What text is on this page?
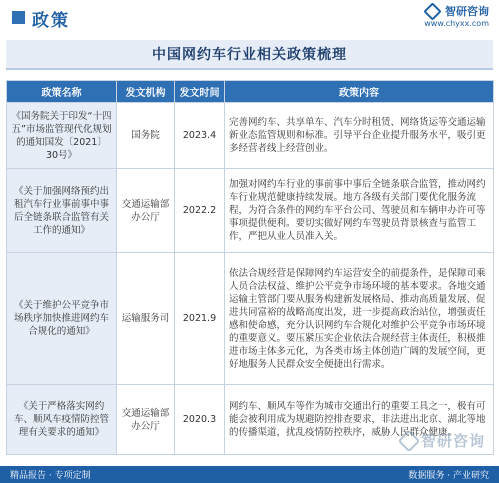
政策	智研咨询
www.chyxx.com
中国网约车行业相关政策梳理
政策名称	发文机构	发文时间	政策内容
《国务院关于印发“十四五”市场监管现代化规划的通知国发〔2021〕30号》	国务院	2023.4	完善网约车、共享单车、汽车分时租赁、网络货运等交通运输新业态监管规则和标准。引导平台企业提升服务水平，吸引更多经营者线上经营创业。
《关于加强网络预约出租汽车行业事前事中事后全链条联合监管有关工作的通知》	交通运输部办公厅	2022.2	加强对网约车行业的事前事中事后全链条联合监管，推动网约车行业规范健康持续发展。地方各级有关部门要优化服务流程，为符合条件的网约车平台公司、驾驶员和车辆申办许可等事项提供便利。要切实做好网约车驾驶员背景核查与监管工作，严把从业人员准入关。
《关于维护公平竞争市场秩序加快推进网约车合规化的通知》	运输服务司	2021.9	依法合规经营是保障网约车运营安全的前提条件，是保障司乘人员合法权益、维护公平竞争市场环境的基本要求。各地交通运输主管部门要从服务构建新发展格局、推动高质量发展、促进共同富裕的战略高度出发，进一步提高政治站位，增强责任感和使命感，充分认识网约车合规化对维护公平竞争市场环境的重要意义。要压紧压实企业依法合规经营主体责任，积极推进市场主体多元化，为各类市场主体创造广阔的发展空间，更好地服务人民群众安全便捷出行需求。
《关于严格落实网约车、顺风车疫情防控管理有关要求的通知》	交通运输部办公厅	2020.3	网约车、顺风车等作为城市交通出行的重要工具之一，极有可能会被利用成为规避防控排查要求，非法进出北京、湖北等地的传播渠道，扰乱疫情防控秩序，威胁人民群众健康。
智研咨询
精品报告 · 专项定制	数据服务 · 产业研究
